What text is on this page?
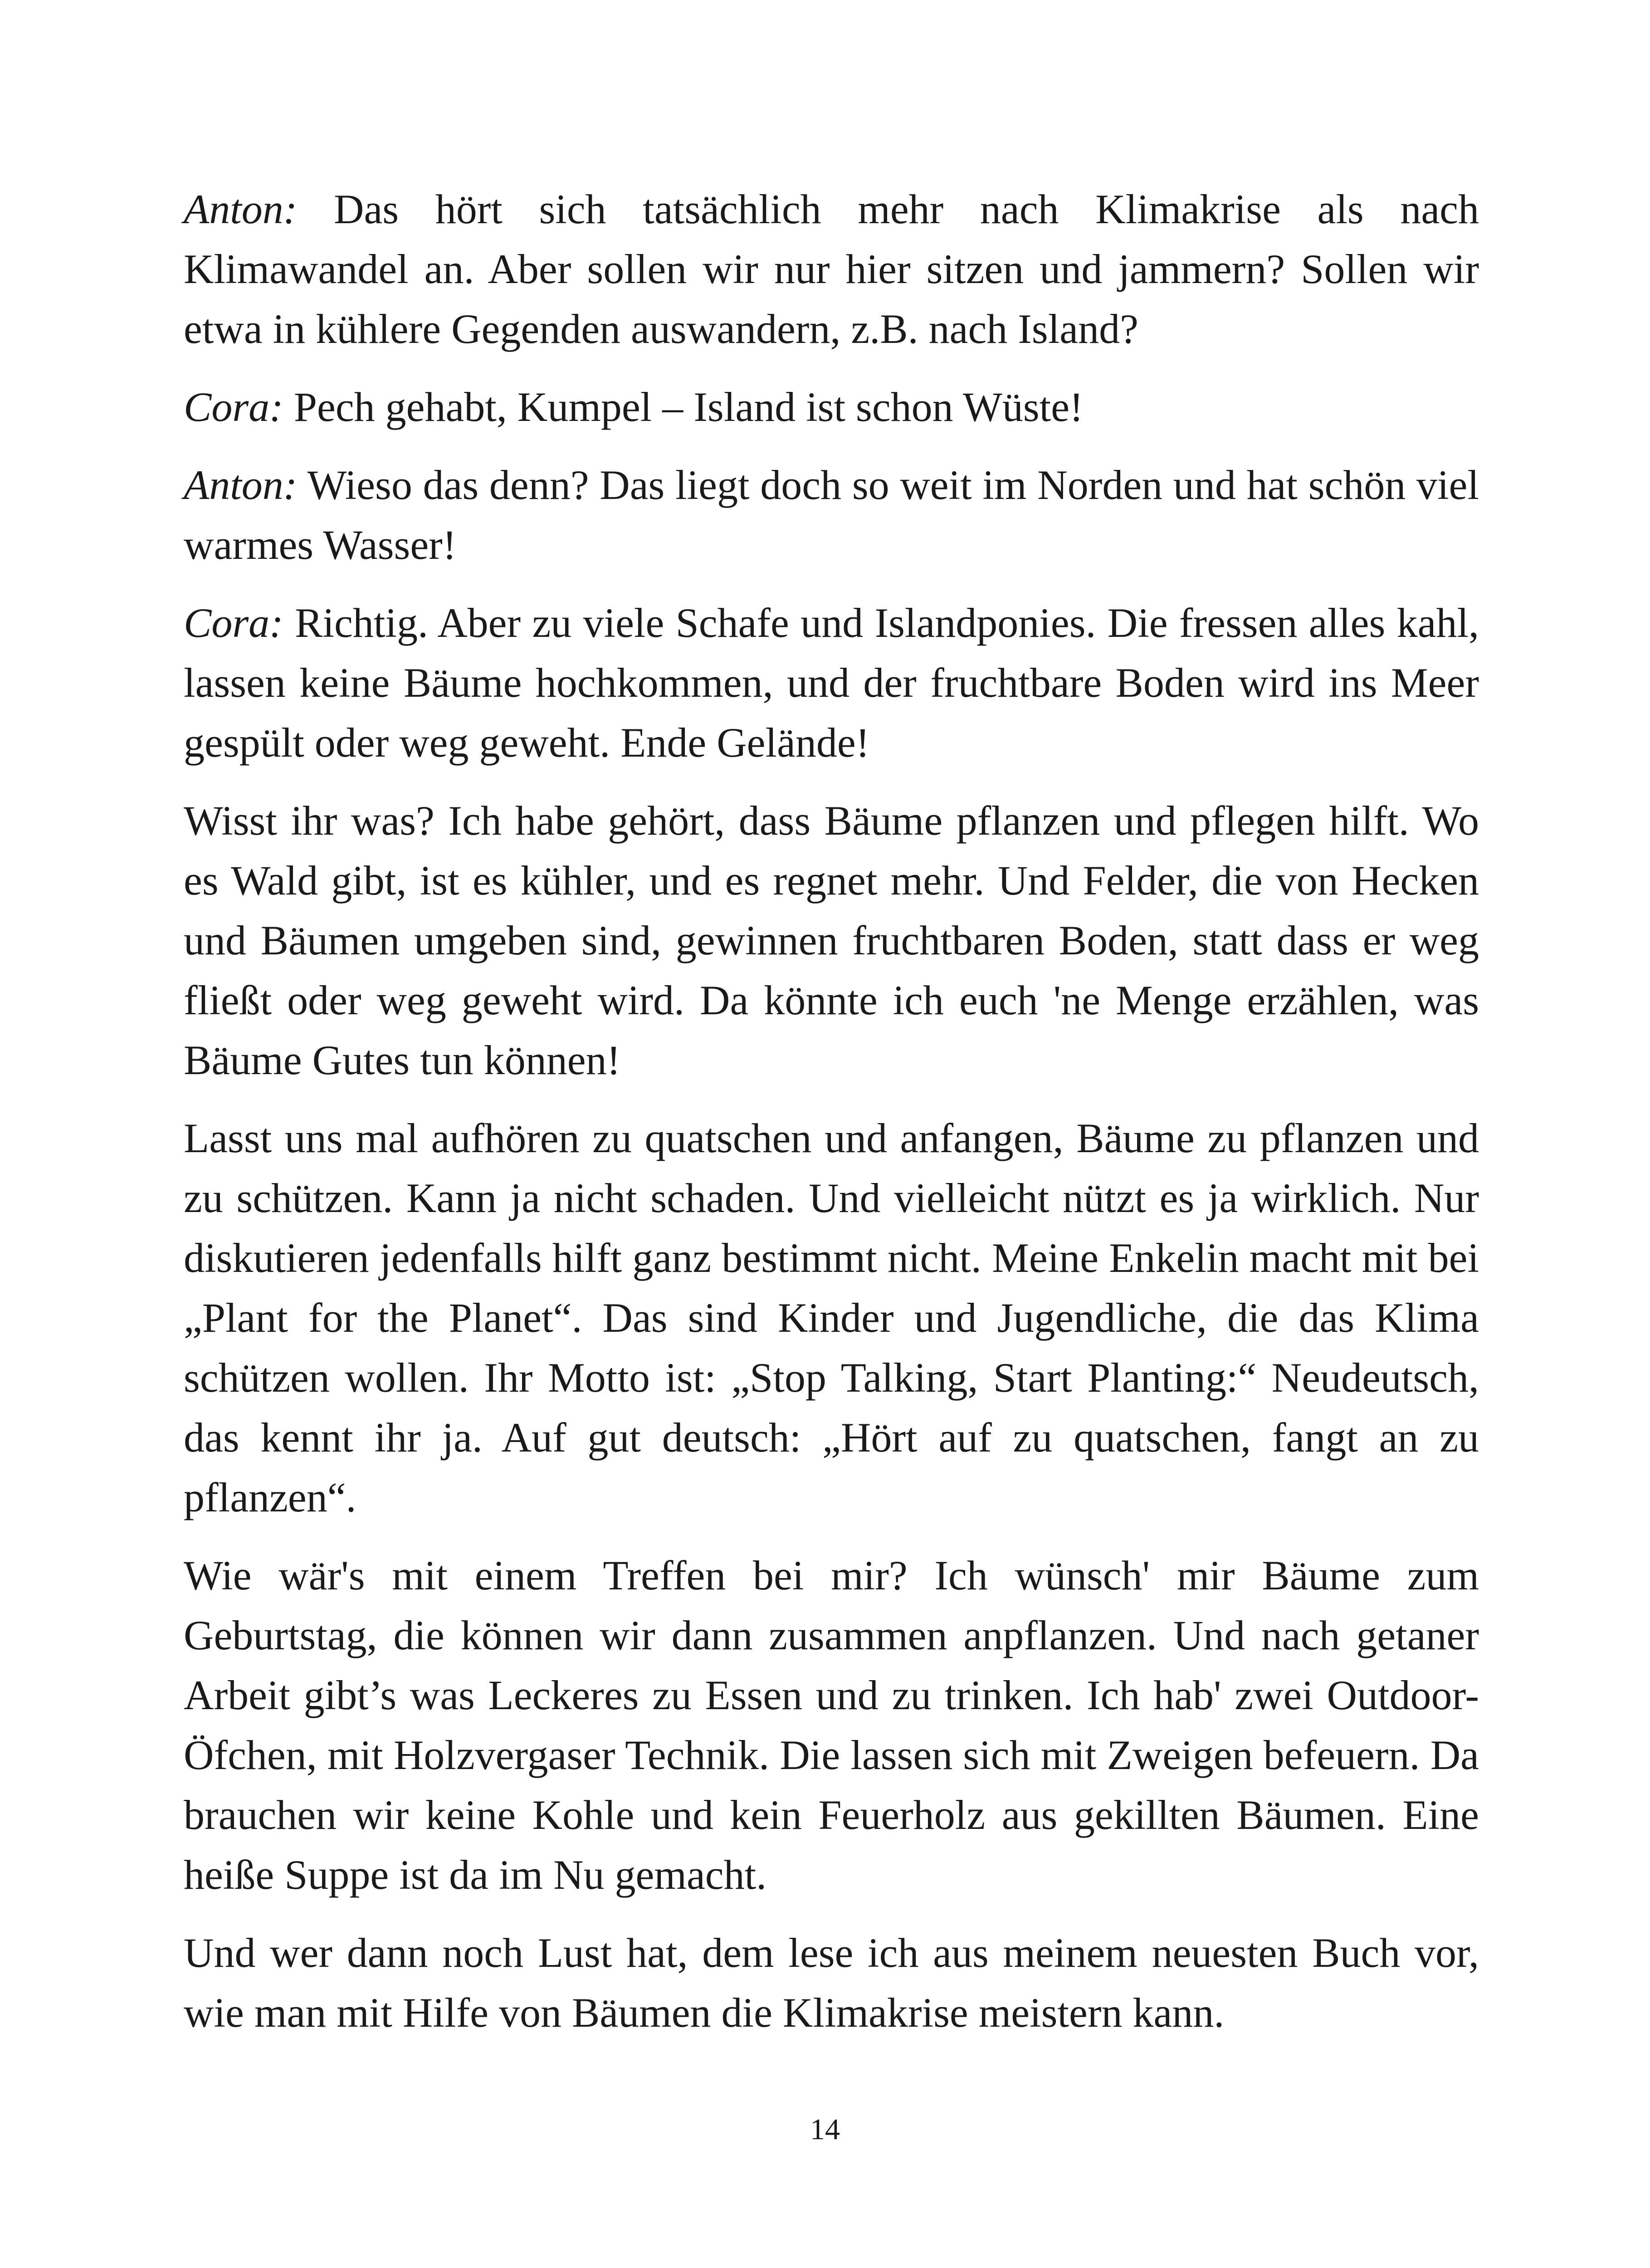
Anton: Das hört sich tatsächlich mehr nach Klimakrise als nach Klimawandel an. Aber sollen wir nur hier sitzen und jammern? Sollen wir etwa in kühlere Gegenden auswandern, z.B. nach Island?

Cora: Pech gehabt, Kumpel – Island ist schon Wüste!

Anton: Wieso das denn? Das liegt doch so weit im Norden und hat schön viel warmes Wasser!

Cora: Richtig. Aber zu viele Schafe und Islandponies. Die fressen alles kahl, lassen keine Bäume hochkommen, und der fruchtbare Boden wird ins Meer gespült oder weg geweht. Ende Gelände!

Wisst ihr was? Ich habe gehört, dass Bäume pflanzen und pflegen hilft. Wo es Wald gibt, ist es kühler, und es regnet mehr. Und Felder, die von Hecken und Bäumen umgeben sind, gewinnen fruchtbaren Boden, statt dass er weg fließt oder weg geweht wird. Da könnte ich euch 'ne Menge erzählen, was Bäume Gutes tun können!

Lasst uns mal aufhören zu quatschen und anfangen, Bäume zu pflanzen und zu schützen. Kann ja nicht schaden. Und vielleicht nützt es ja wirklich. Nur diskutieren jedenfalls hilft ganz bestimmt nicht. Meine Enkelin macht mit bei „Plant for the Planet“. Das sind Kinder und Jugendliche, die das Klima schützen wollen. Ihr Motto ist: „Stop Talking, Start Planting:“ Neudeutsch, das kennt ihr ja. Auf gut deutsch: „Hört auf zu quatschen, fangt an zu pflanzen“.

Wie wär's mit einem Treffen bei mir? Ich wünsch' mir Bäume zum Geburtstag, die können wir dann zusammen anpflanzen. Und nach getaner Arbeit gibt’s was Leckeres zu Essen und zu trinken. Ich hab' zwei Outdoor-Öfchen, mit Holzvergaser Technik. Die lassen sich mit Zweigen befeuern. Da brauchen wir keine Kohle und kein Feuerholz aus gekillten Bäumen. Eine heiße Suppe ist da im Nu gemacht.

Und wer dann noch Lust hat, dem lese ich aus meinem neuesten Buch vor, wie man mit Hilfe von Bäumen die Klimakrise meistern kann.

14
